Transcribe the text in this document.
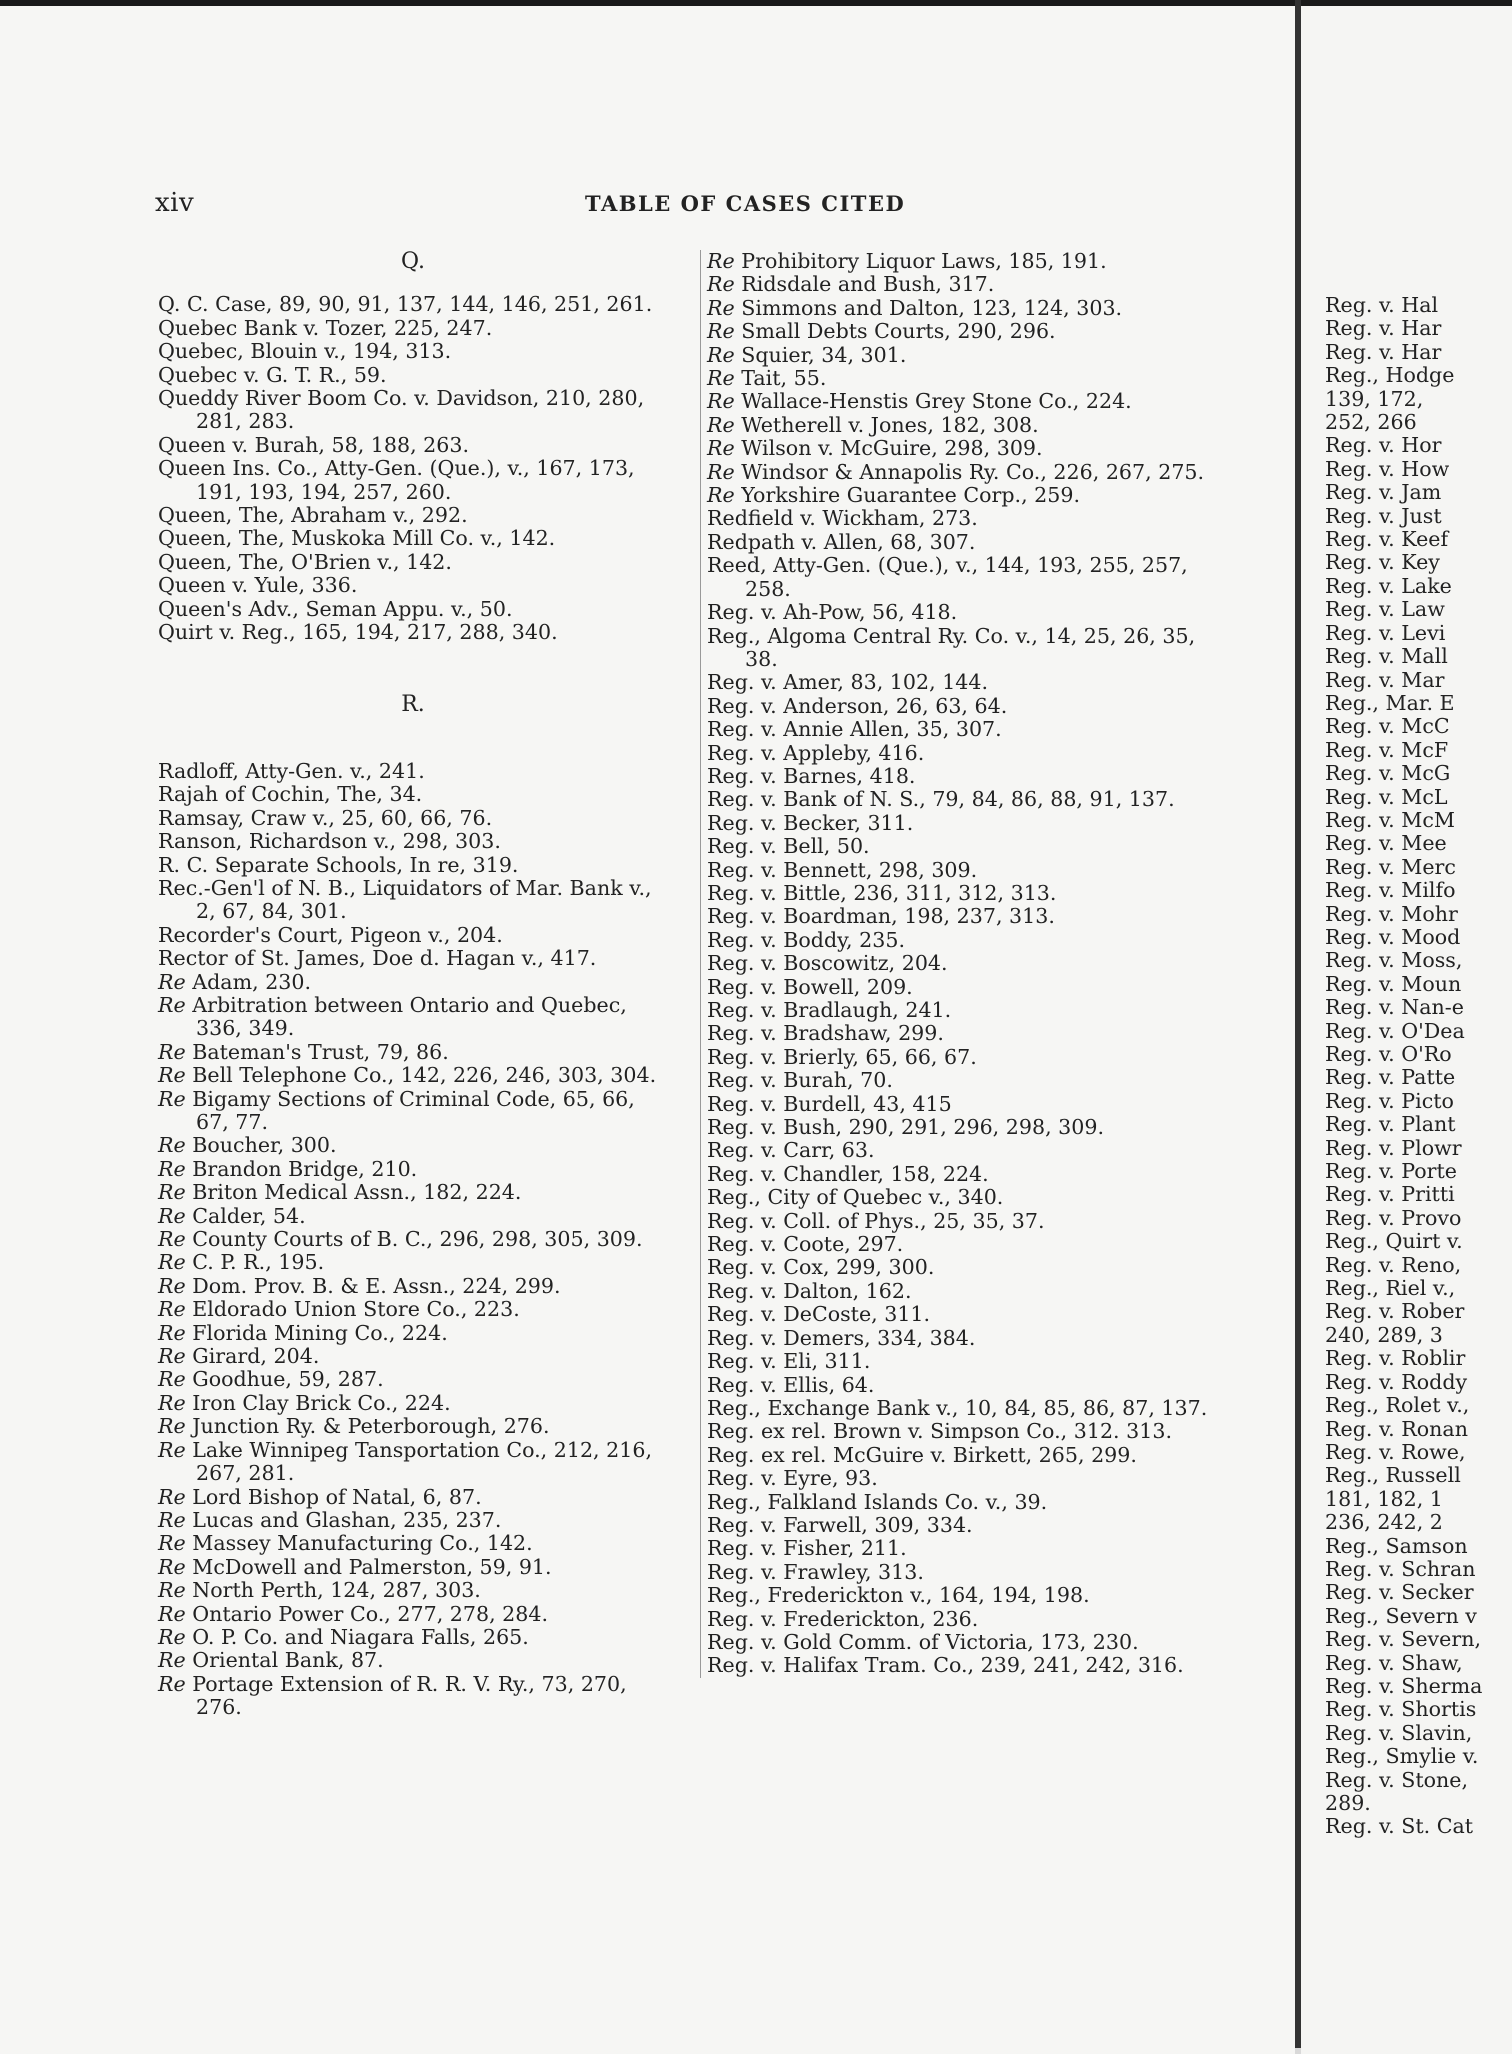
xiv	TABLE OF CASES CITED
Q.
Q. C. Case, 89, 90, 91, 137, 144, 146, 251, 261.
Quebec Bank v. Tozer, 225, 247.
Quebec, Blouin v., 194, 313.
Quebec v. G. T. R., 59.
Queddy River Boom Co. v. Davidson, 210, 280, 281, 283.
Queen v. Burah, 58, 188, 263.
Queen Ins. Co., Atty-Gen. (Que.), v., 167, 173, 191, 193, 194, 257, 260.
Queen, The, Abraham v., 292.
Queen, The, Muskoka Mill Co. v., 142.
Queen, The, O'Brien v., 142.
Queen v. Yule, 336.
Queen's Adv., Seman Appu. v., 50.
Quirt v. Reg., 165, 194, 217, 288, 340.
R.
Radloff, Atty-Gen. v., 241.
Rajah of Cochin, The, 34.
Ramsay, Craw v., 25, 60, 66, 76.
Ranson, Richardson v., 298, 303.
R. C. Separate Schools, In re, 319.
Rec.-Gen'l of N. B., Liquidators of Mar. Bank v., 2, 67, 84, 301.
Recorder's Court, Pigeon v., 204.
Rector of St. James, Doe d. Hagan v., 417.
Re Adam, 230.
Re Arbitration between Ontario and Quebec, 336, 349.
Re Bateman's Trust, 79, 86.
Re Bell Telephone Co., 142, 226, 246, 303, 304.
Re Bigamy Sections of Criminal Code, 65, 66, 67, 77.
Re Boucher, 300.
Re Brandon Bridge, 210.
Re Briton Medical Assn., 182, 224.
Re Calder, 54.
Re County Courts of B. C., 296, 298, 305, 309.
Re C. P. R., 195.
Re Dom. Prov. B. & E. Assn., 224, 299.
Re Eldorado Union Store Co., 223.
Re Florida Mining Co., 224.
Re Girard, 204.
Re Goodhue, 59, 287.
Re Iron Clay Brick Co., 224.
Re Junction Ry. & Peterborough, 276.
Re Lake Winnipeg Tansportation Co., 212, 216, 267, 281.
Re Lord Bishop of Natal, 6, 87.
Re Lucas and Glashan, 235, 237.
Re Massey Manufacturing Co., 142.
Re McDowell and Palmerston, 59, 91.
Re North Perth, 124, 287, 303.
Re Ontario Power Co., 277, 278, 284.
Re O. P. Co. and Niagara Falls, 265.
Re Oriental Bank, 87.
Re Portage Extension of R. R. V. Ry., 73, 270, 276.
Re Prohibitory Liquor Laws, 185, 191.
Re Ridsdale and Bush, 317.
Re Simmons and Dalton, 123, 124, 303.
Re Small Debts Courts, 290, 296.
Re Squier, 34, 301.
Re Tait, 55.
Re Wallace-Henstis Grey Stone Co., 224.
Re Wetherell v. Jones, 182, 308.
Re Wilson v. McGuire, 298, 309.
Re Windsor & Annapolis Ry. Co., 226, 267, 275.
Re Yorkshire Guarantee Corp., 259.
Redfield v. Wickham, 273.
Redpath v. Allen, 68, 307.
Reed, Atty-Gen. (Que.), v., 144, 193, 255, 257, 258.
Reg. v. Ah-Pow, 56, 418.
Reg., Algoma Central Ry. Co. v., 14, 25, 26, 35, 38.
Reg. v. Amer, 83, 102, 144.
Reg. v. Anderson, 26, 63, 64.
Reg. v. Annie Allen, 35, 307.
Reg. v. Appleby, 416.
Reg. v. Barnes, 418.
Reg. v. Bank of N. S., 79, 84, 86, 88, 91, 137.
Reg. v. Becker, 311.
Reg. v. Bell, 50.
Reg. v. Bennett, 298, 309.
Reg. v. Bittle, 236, 311, 312, 313.
Reg. v. Boardman, 198, 237, 313.
Reg. v. Boddy, 235.
Reg. v. Boscowitz, 204.
Reg. v. Bowell, 209.
Reg. v. Bradlaugh, 241.
Reg. v. Bradshaw, 299.
Reg. v. Brierly, 65, 66, 67.
Reg. v. Burah, 70.
Reg. v. Burdell, 43, 415
Reg. v. Bush, 290, 291, 296, 298, 309.
Reg. v. Carr, 63.
Reg. v. Chandler, 158, 224.
Reg., City of Quebec v., 340.
Reg. v. Coll. of Phys., 25, 35, 37.
Reg. v. Coote, 297.
Reg. v. Cox, 299, 300.
Reg. v. Dalton, 162.
Reg. v. DeCoste, 311.
Reg. v. Demers, 334, 384.
Reg. v. Eli, 311.
Reg. v. Ellis, 64.
Reg., Exchange Bank v., 10, 84, 85, 86, 87, 137.
Reg. ex rel. Brown v. Simpson Co., 312. 313.
Reg. ex rel. McGuire v. Birkett, 265, 299.
Reg. v. Eyre, 93.
Reg., Falkland Islands Co. v., 39.
Reg. v. Farwell, 309, 334.
Reg. v. Fisher, 211.
Reg. v. Frawley, 313.
Reg., Frederickton v., 164, 194, 198.
Reg. v. Frederickton, 236.
Reg. v. Gold Comm. of Victoria, 173, 230.
Reg. v. Halifax Tram. Co., 239, 241, 242, 316.
Reg. v. Hal
Reg. v. Har
Reg. v. Har
Reg., Hodge
139, 172,
252, 266
Reg. v. Hor
Reg. v. How
Reg. v. Jam
Reg. v. Just
Reg. v. Keef
Reg. v. Key
Reg. v. Lake
Reg. v. Law
Reg. v. Levi
Reg. v. Mall
Reg. v. Mar
Reg., Mar. E
Reg. v. McC
Reg. v. McF
Reg. v. McG
Reg. v. McL
Reg. v. McM
Reg. v. Mee
Reg. v. Merc
Reg. v. Milfo
Reg. v. Mohr
Reg. v. Mood
Reg. v. Moss,
Reg. v. Moun
Reg. v. Nan-e
Reg. v. O'Dea
Reg. v. O'Ro
Reg. v. Patte
Reg. v. Picto
Reg. v. Plant
Reg. v. Plowr
Reg. v. Porte
Reg. v. Pritti
Reg. v. Provo
Reg., Quirt v.
Reg. v. Reno,
Reg., Riel v.,
Reg. v. Rober
240, 289, 3
Reg. v. Roblir
Reg. v. Roddy
Reg., Rolet v.,
Reg. v. Ronan
Reg. v. Rowe,
Reg., Russell
181, 182, 1
236, 242, 2
Reg., Samson
Reg. v. Schran
Reg. v. Secker
Reg., Severn v
Reg. v. Severn,
Reg. v. Shaw,
Reg. v. Sherma
Reg. v. Shortis
Reg. v. Slavin,
Reg., Smylie v.
Reg. v. Stone,
289.
Reg. v. St. Cat
